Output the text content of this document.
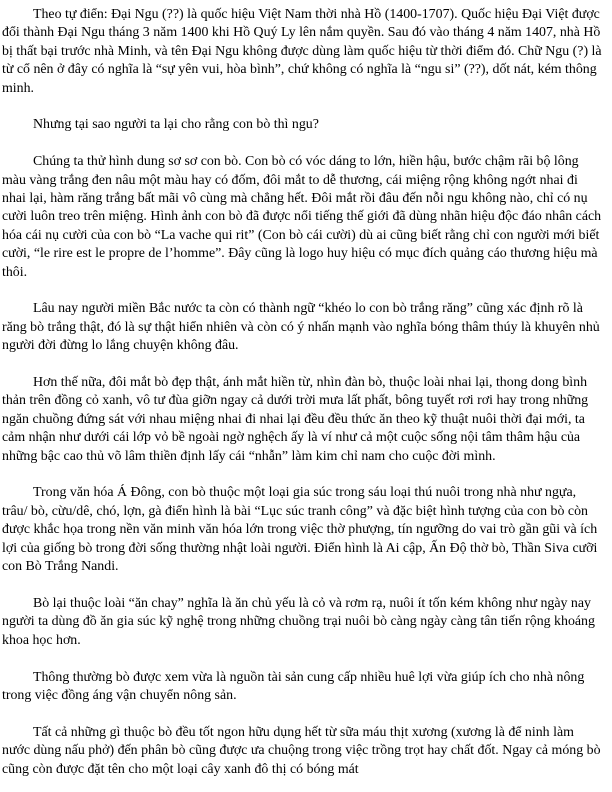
Theo tự điển: Đại Ngu (??) là quốc hiệu Việt Nam thời nhà Hồ (1400-1707). Quốc hiệu Đại Việt được đổi thành Đại Ngu tháng 3 năm 1400 khi Hồ Quý Ly lên nắm quyền. Sau đó vào tháng 4 năm 1407, nhà Hồ bị thất bại trước nhà Minh, và tên Đại Ngu không được dùng làm quốc hiệu từ thời điểm đó. Chữ Ngu (?) là từ cổ nên ở đây có nghĩa là “sự yên vui, hòa bình”, chứ không có nghĩa là “ngu si” (??), dốt nát, kém thông minh.

Nhưng tại sao người ta lại cho rằng con bò thì ngu?

Chúng ta thử hình dung sơ sơ con bò. Con bò có vóc dáng to lớn, hiền hậu, bước chậm rãi bộ lông màu vàng trắng đen nâu một màu hay có đốm, đôi mắt to dễ thương, cái miệng rộng không ngớt nhai đi nhai lại, hàm răng trắng bất mãi vô cùng mà chẳng hết. Đôi mắt rồi đâu đến nỗi ngu không nào, chỉ có nụ cười luôn treo trên miệng. Hình ảnh con bò đã được nổi tiếng thế giới đã dùng nhãn hiệu độc đáo nhân cách hóa cái nụ cười của con bò “La vache qui rit” (Con bò cái cười) dù ai cũng biết rằng chỉ con người mới biết cười, “le rire est le propre de l’homme”. Đây cũng là logo huy hiệu có mục đích quảng cáo thương hiệu mà thôi.

Lâu nay người miền Bắc nước ta còn có thành ngữ “khéo lo con bò trắng răng” cũng xác định rõ là răng bò trắng thật, đó là sự thật hiển nhiên và còn có ý nhấn mạnh vào nghĩa bóng thâm thúy là khuyên nhủ người đời đừng lo lắng chuyện không đâu.

Hơn thế nữa, đôi mắt bò đẹp thật, ánh mắt hiền từ, nhìn đàn bò, thuộc loài nhai lại, thong dong bình thản trên đồng cỏ xanh, vô tư đùa giỡn ngay cả dưới trời mưa lất phất, bông tuyết rơi rơi hay trong những ngăn chuồng đứng sát với nhau miệng nhai đi nhai lại đều đều thức ăn theo kỹ thuật nuôi thời đại mới, ta cảm nhận như dưới cái lớp vỏ bề ngoài ngờ nghệch ấy là ví như cả một cuộc sống nội tâm thâm hậu của những bậc cao thủ võ lâm thiền định lấy cái “nhẫn” làm kim chỉ nam cho cuộc đời mình.

Trong văn hóa Á Đông, con bò thuộc một loại gia súc trong sáu loại thú nuôi trong nhà như ngựa, trâu/ bò, cừu/dê, chó, lợn, gà điển hình là bài “Lục súc tranh công” và đặc biệt hình tượng của con bò còn được khắc họa trong nền văn minh văn hóa lớn trong việc thờ phượng, tín ngưỡng do vai trò gần gũi và ích lợi của giống bò trong đời sống thường nhật loài người. Điển hình là Ai cập, Ấn Độ thờ bò, Thần Siva cưỡi con Bò Trắng Nandi.

Bò lại thuộc loài “ăn chay” nghĩa là ăn chủ yếu là cỏ và rơm rạ, nuôi ít tốn kém không như ngày nay người ta dùng đồ ăn gia súc kỹ nghệ trong những chuồng trại nuôi bò càng ngày càng tân tiến rộng khoáng khoa học hơn.

Thông thường bò được xem vừa là nguồn tài sản cung cấp nhiều huê lợi vừa giúp ích cho nhà nông trong việc đồng áng vận chuyển nông sản.

Tất cả những gì thuộc bò đều tốt ngon hữu dụng hết từ sữa máu thịt xương (xương là để ninh làm nước dùng nấu phở) đến phân bò cũng được ưa chuộng trong việc trồng trọt hay chất đốt. Ngay cả móng bò cũng còn được đặt tên cho một loại cây xanh đô thị có bóng mát
